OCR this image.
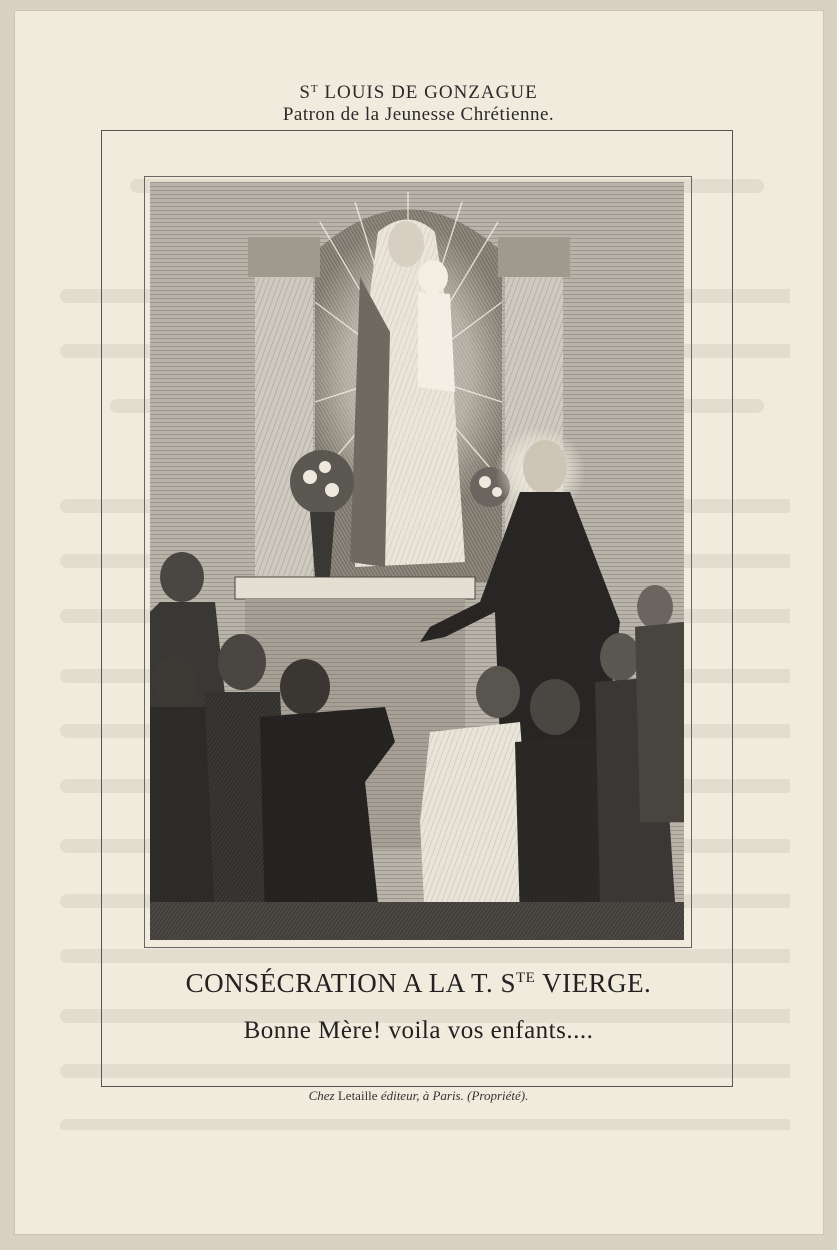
$S^T$ LOUIS DE GONZAGUE
Patron de la Jeunesse Chrétienne.
CONSÉCRATION A LA T. $S^{TE}$ VIERGE.
Bonne Mère! voila vos enfants....
Chez Letaille éditeur, à Paris. (Propriété).
